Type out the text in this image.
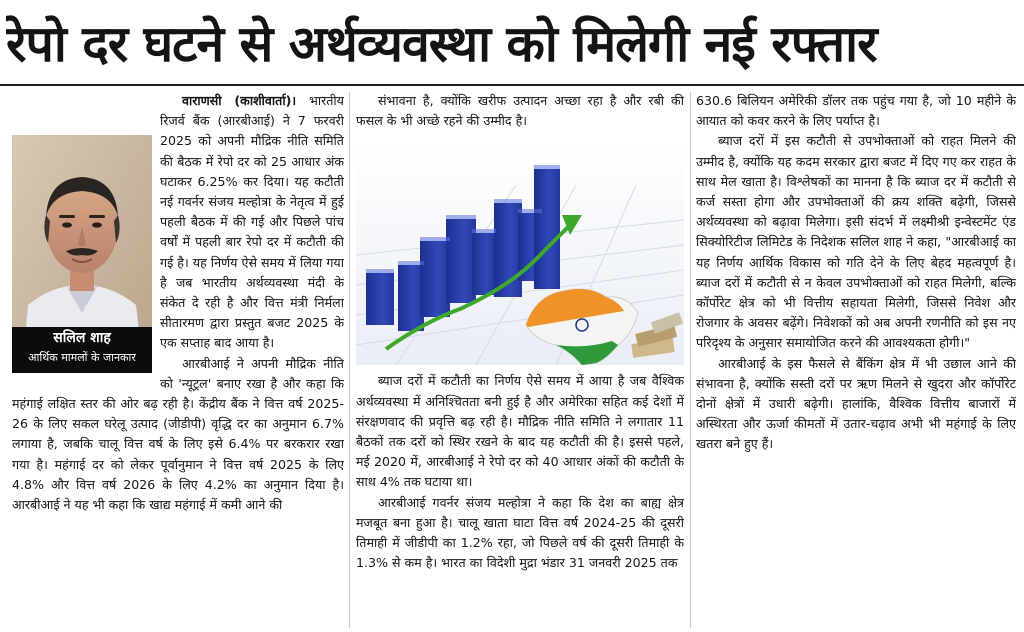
रेपो दर घटने से अर्थव्यवस्था को मिलेगी नई रफ्तार
सलिल शाह
आर्थिक मामलों के जानकार

वाराणसी (काशीवार्ता)। भारतीय रिजर्व बैंक (आरबीआई) ने 7 फरवरी 2025 को अपनी मौद्रिक नीति समिति की बैठक में रेपो दर को 25 आधार अंक घटाकर 6.25% कर दिया। यह कटौती नई गवर्नर संजय मल्होत्रा के नेतृत्व में हुई पहली बैठक में की गई और पिछले पांच वर्षों में पहली बार रेपो दर में कटौती की गई है। यह निर्णय ऐसे समय में लिया गया है जब भारतीय अर्थव्यवस्था मंदी के संकेत दे रही है और वित्त मंत्री निर्मला सीतारमण द्वारा प्रस्तुत बजट 2025 के एक सप्ताह बाद आया है।

आरबीआई ने अपनी मौद्रिक नीति को 'न्यूट्रल' बनाए रखा है और कहा कि महंगाई लक्षित स्तर की ओर बढ़ रही है। केंद्रीय बैंक ने वित्त वर्ष 2025-26 के लिए सकल घरेलू उत्पाद (जीडीपी) वृद्धि दर का अनुमान 6.7% लगाया है, जबकि चालू वित्त वर्ष के लिए इसे 6.4% पर बरकरार रखा गया है। महंगाई दर को लेकर पूर्वानुमान ने वित्त वर्ष 2025 के लिए 4.8% और वित्त वर्ष 2026 के लिए 4.2% का अनुमान दिया है। आरबीआई ने यह भी कहा कि खाद्य महंगाई में कमी आने की

संभावना है, क्योंकि खरीफ उत्पादन अच्छा रहा है और रबी की फसल के भी अच्छे रहने की उम्मीद है।

ब्याज दरों में कटौती का निर्णय ऐसे समय में आया है जब वैश्विक अर्थव्यवस्था में अनिश्चितता बनी हुई है और अमेरिका सहित कई देशों में संरक्षणवाद की प्रवृत्ति बढ़ रही है। मौद्रिक नीति समिति ने लगातार 11 बैठकों तक दरों को स्थिर रखने के बाद यह कटौती की है। इससे पहले, मई 2020 में, आरबीआई ने रेपो दर को 40 आधार अंकों की कटौती के साथ 4% तक घटाया था।

आरबीआई गवर्नर संजय मल्होत्रा ने कहा कि देश का बाह्य क्षेत्र मजबूत बना हुआ है। चालू खाता घाटा वित्त वर्ष 2024-25 की दूसरी तिमाही में जीडीपी का 1.2% रहा, जो पिछले वर्ष की दूसरी तिमाही के 1.3% से कम है। भारत का विदेशी मुद्रा भंडार 31 जनवरी 2025 तक

630.6 बिलियन अमेरिकी डॉलर तक पहुंच गया है, जो 10 महीने के आयात को कवर करने के लिए पर्याप्त है।

ब्याज दरों में इस कटौती से उपभोक्ताओं को राहत मिलने की उम्मीद है, क्योंकि यह कदम सरकार द्वारा बजट में दिए गए कर राहत के साथ मेल खाता है। विश्लेषकों का मानना है कि ब्याज दर में कटौती से कर्ज सस्ता होगा और उपभोक्ताओं की क्रय शक्ति बढ़ेगी, जिससे अर्थव्यवस्था को बढ़ावा मिलेगा। इसी संदर्भ में लक्ष्मीश्री इन्वेस्टमेंट एंड सिक्योरिटीज लिमिटेड के निदेशक सलिल शाह ने कहा, "आरबीआई का यह निर्णय आर्थिक विकास को गति देने के लिए बेहद महत्वपूर्ण है। ब्याज दरों में कटौती से न केवल उपभोक्ताओं को राहत मिलेगी, बल्कि कॉर्पोरेट क्षेत्र को भी वित्तीय सहायता मिलेगी, जिससे निवेश और रोजगार के अवसर बढ़ेंगे। निवेशकों को अब अपनी रणनीति को इस नए परिदृश्य के अनुसार समायोजित करने की आवश्यकता होगी।"

आरबीआई के इस फैसले से बैंकिंग क्षेत्र में भी उछाल आने की संभावना है, क्योंकि सस्ती दरों पर ऋण मिलने से खुदरा और कॉर्पोरेट दोनों क्षेत्रों में उधारी बढ़ेगी। हालांकि, वैश्विक वित्तीय बाजारों में अस्थिरता और ऊर्जा कीमतों में उतार-चढ़ाव अभी भी महंगाई के लिए खतरा बने हुए हैं।
